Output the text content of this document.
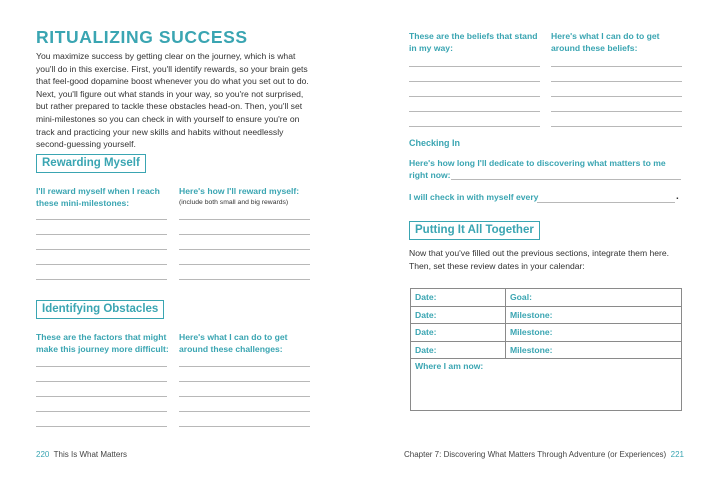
RITUALIZING SUCCESS

You maximize success by getting clear on the journey, which is what you'll do in this exercise. First, you'll identify rewards, so your brain gets that feel-good dopamine boost whenever you do what you set out to do. Next, you'll figure out what stands in your way, so you're not surprised, but rather prepared to tackle these obstacles head-on. Then, you'll set mini-milestones so you can check in with yourself to ensure you're on track and practicing your new skills and habits without needlessly second-guessing yourself.

Rewarding Myself

I'll reward myself when I reach these mini-milestones:

Here's how I'll reward myself:

(include both small and big rewards)
Identifying Obstacles

These are the factors that might make this journey more difficult:

Here's what I can do to get around these challenges:

220 This Is What Matters

These are the beliefs that stand in my way:

Here's what I can do to get around these beliefs:

Checking In

Here's how long I'll dedicate to discovering what matters to me right now:

I will check in with myself every	.
Putting It All Together

Now that you've filled out the previous sections, integrate them here. Then, set these review dates in your calendar:

Date:	Goal:
Date:	Milestone:
Date:	Milestone:
Date:	Milestone:
Where I am now:	
Chapter 7: Discovering What Matters Through Adventure (or Experiences) 221
